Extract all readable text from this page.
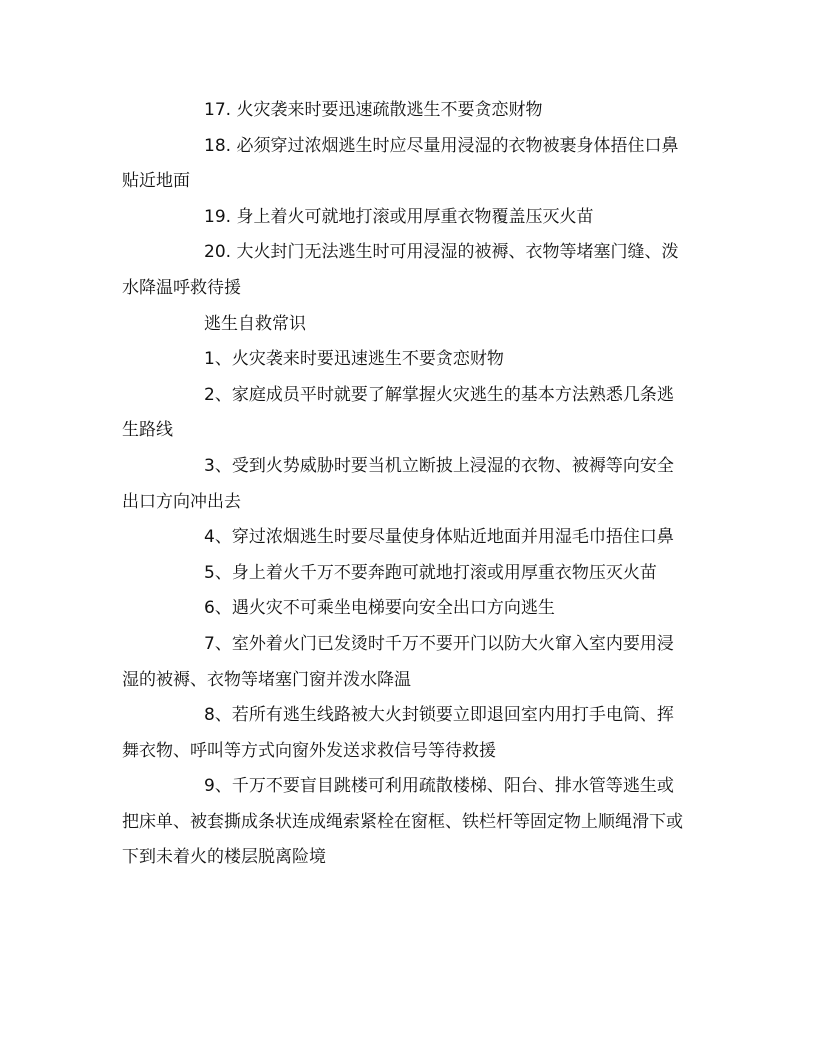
17. 火灾袭来时要迅速疏散逃生不要贪恋财物

18. 必须穿过浓烟逃生时应尽量用浸湿的衣物被裹身体捂住口鼻贴近地面

19. 身上着火可就地打滚或用厚重衣物覆盖压灭火苗

20. 大火封门无法逃生时可用浸湿的被褥、衣物等堵塞门缝、泼水降温呼救待援

逃生自救常识

1、火灾袭来时要迅速逃生不要贪恋财物

2、家庭成员平时就要了解掌握火灾逃生的基本方法熟悉几条逃生路线

3、受到火势威胁时要当机立断披上浸湿的衣物、被褥等向安全出口方向冲出去

4、穿过浓烟逃生时要尽量使身体贴近地面并用湿毛巾捂住口鼻

5、身上着火千万不要奔跑可就地打滚或用厚重衣物压灭火苗

6、遇火灾不可乘坐电梯要向安全出口方向逃生

7、室外着火门已发烫时千万不要开门以防大火窜入室内要用浸湿的被褥、衣物等堵塞门窗并泼水降温

8、若所有逃生线路被大火封锁要立即退回室内用打手电筒、挥舞衣物、呼叫等方式向窗外发送求救信号等待救援

9、千万不要盲目跳楼可利用疏散楼梯、阳台、排水管等逃生或把床单、被套撕成条状连成绳索紧栓在窗框、铁栏杆等固定物上顺绳滑下或下到未着火的楼层脱离险境
